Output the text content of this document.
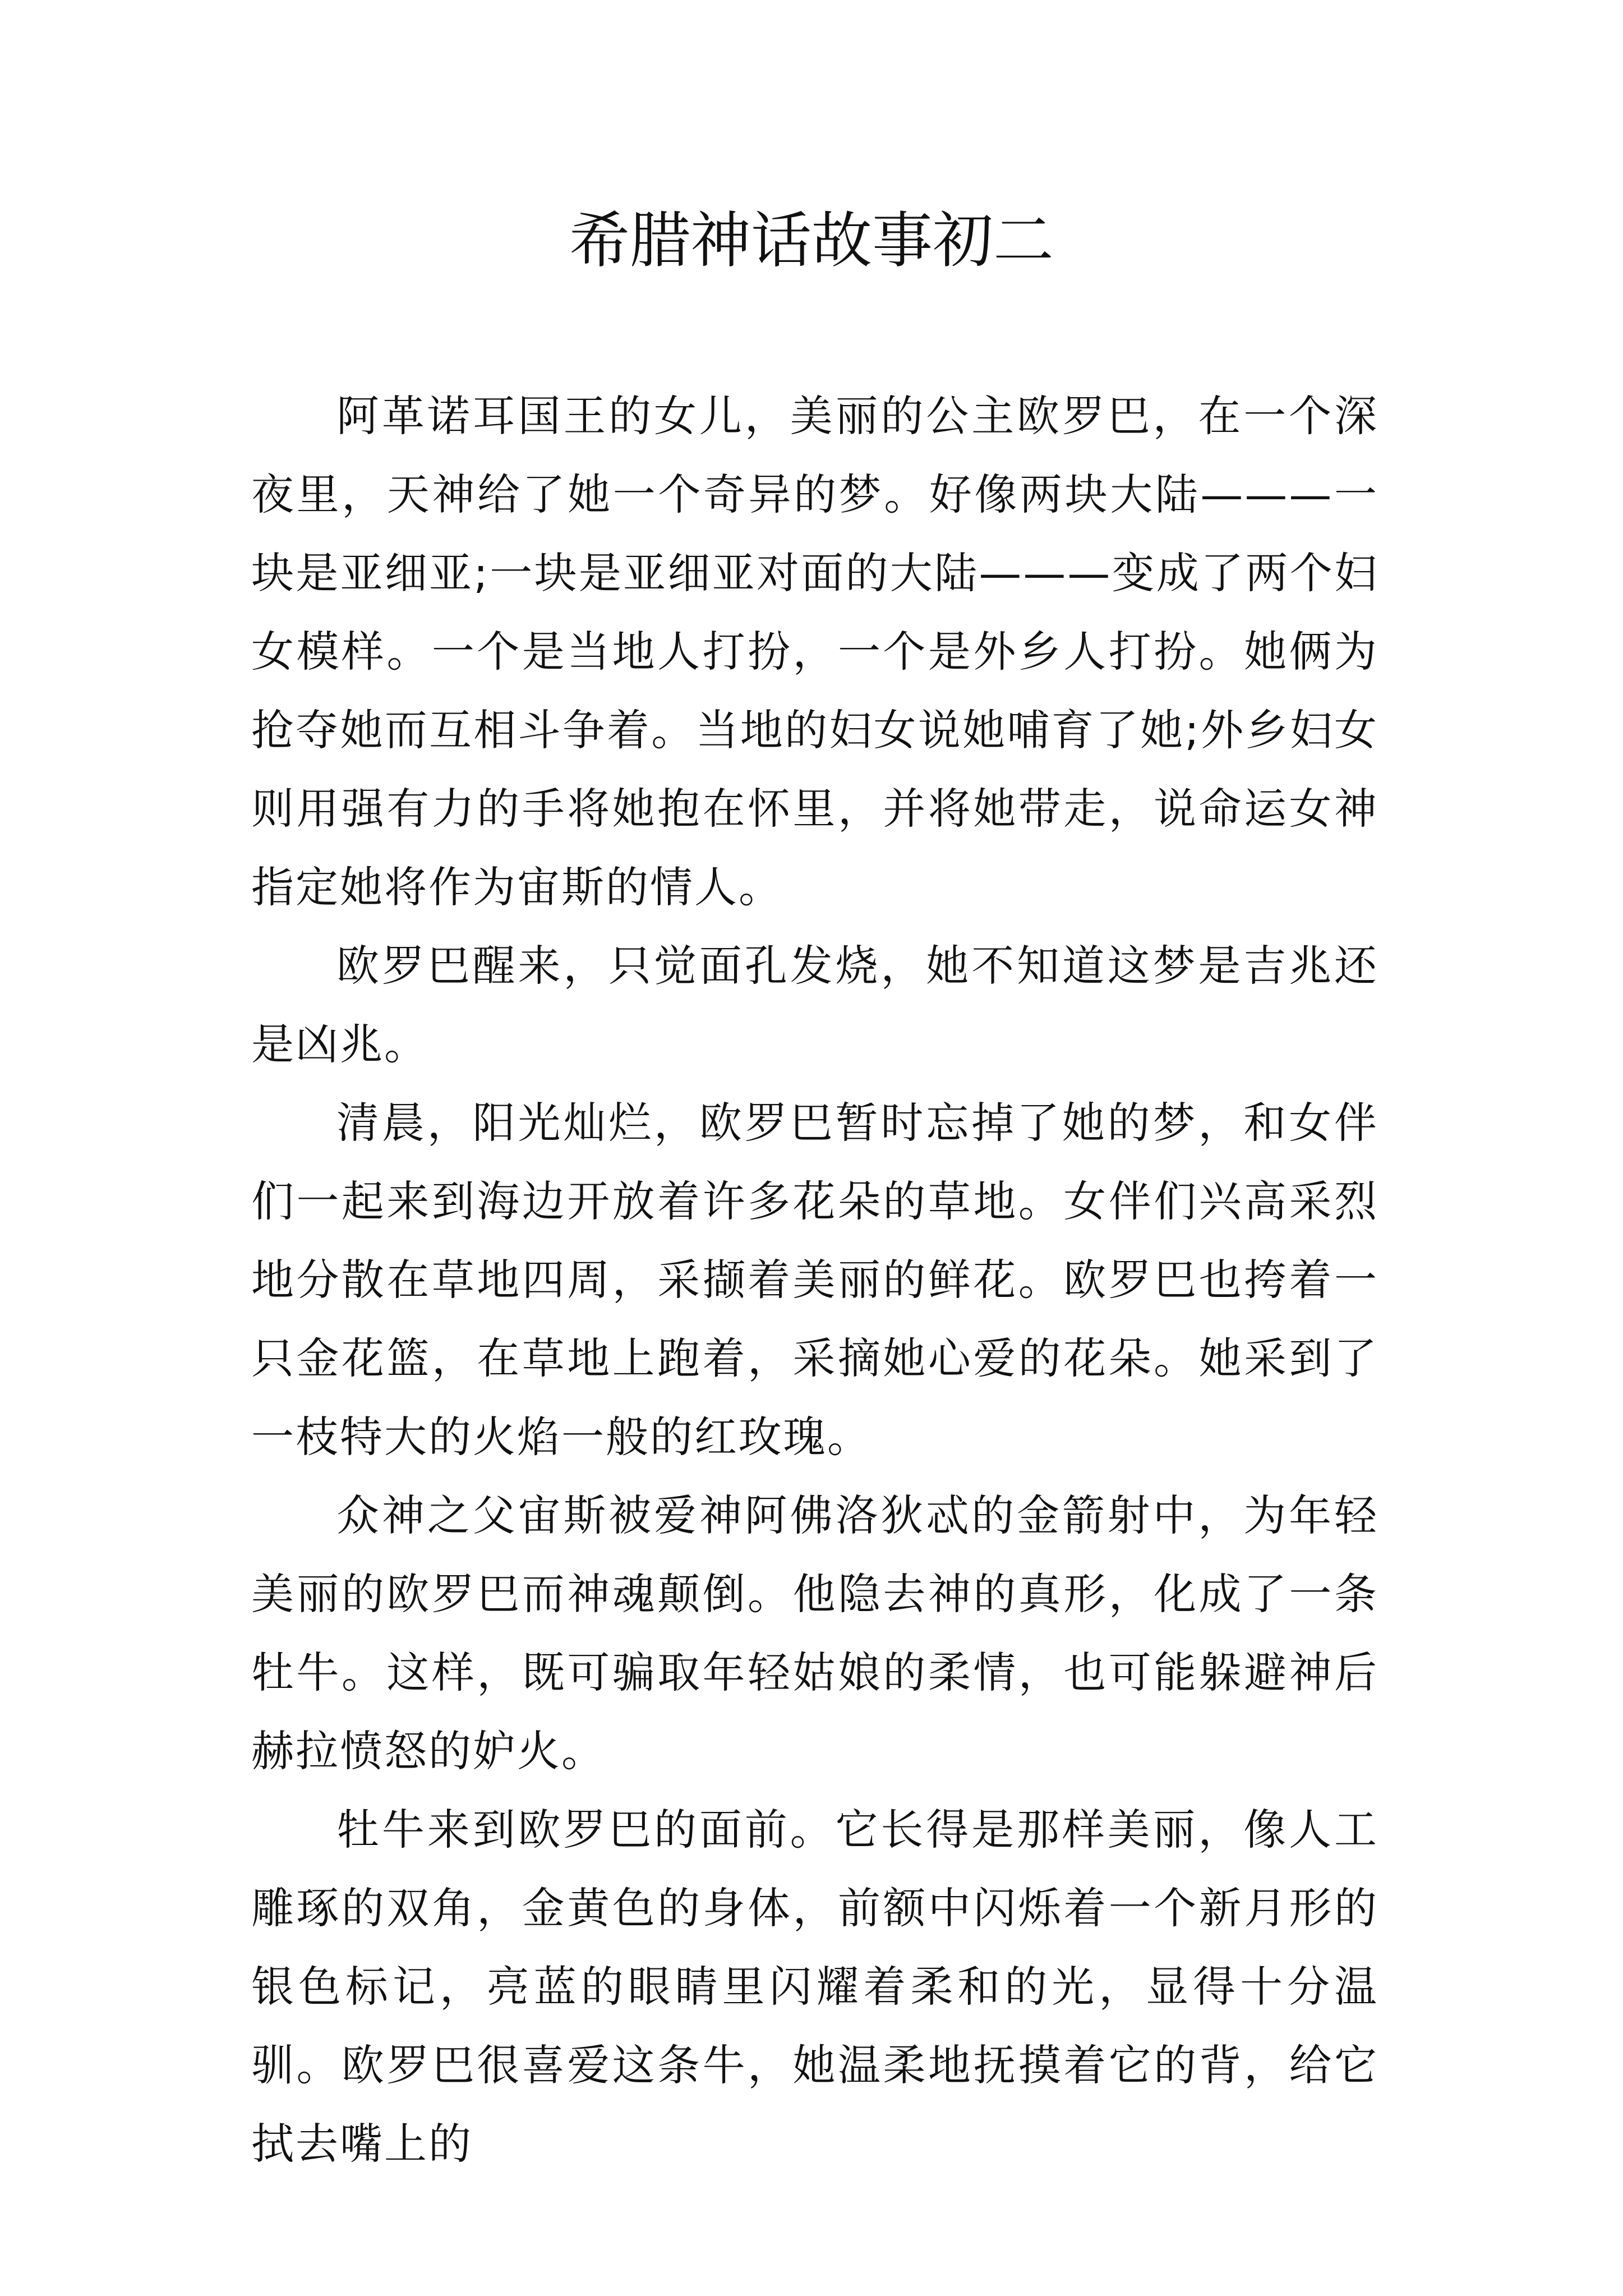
希腊神话故事初二

阿革诺耳国王的女儿，美丽的公主欧罗巴，在一个深夜里，天神给了她一个奇异的梦。好像两块大陆———一块是亚细亚;一块是亚细亚对面的大陆———变成了两个妇女模样。一个是当地人打扮，一个是外乡人打扮。她俩为抢夺她而互相斗争着。当地的妇女说她哺育了她;外乡妇女则用强有力的手将她抱在怀里，并将她带走，说命运女神指定她将作为宙斯的情人。

欧罗巴醒来，只觉面孔发烧，她不知道这梦是吉兆还是凶兆。

清晨，阳光灿烂，欧罗巴暂时忘掉了她的梦，和女伴们一起来到海边开放着许多花朵的草地。女伴们兴高采烈地分散在草地四周，采撷着美丽的鲜花。欧罗巴也挎着一只金花篮，在草地上跑着，采摘她心爱的花朵。她采到了一枝特大的火焰一般的红玫瑰。

众神之父宙斯被爱神阿佛洛狄忒的金箭射中，为年轻美丽的欧罗巴而神魂颠倒。他隐去神的真形，化成了一条牡牛。这样，既可骗取年轻姑娘的柔情，也可能躲避神后赫拉愤怒的妒火。

牡牛来到欧罗巴的面前。它长得是那样美丽，像人工雕琢的双角，金黄色的身体，前额中闪烁着一个新月形的银色标记，亮蓝的眼睛里闪耀着柔和的光，显得十分温驯。欧罗巴很喜爱这条牛，她温柔地抚摸着它的背，给它拭去嘴上的
